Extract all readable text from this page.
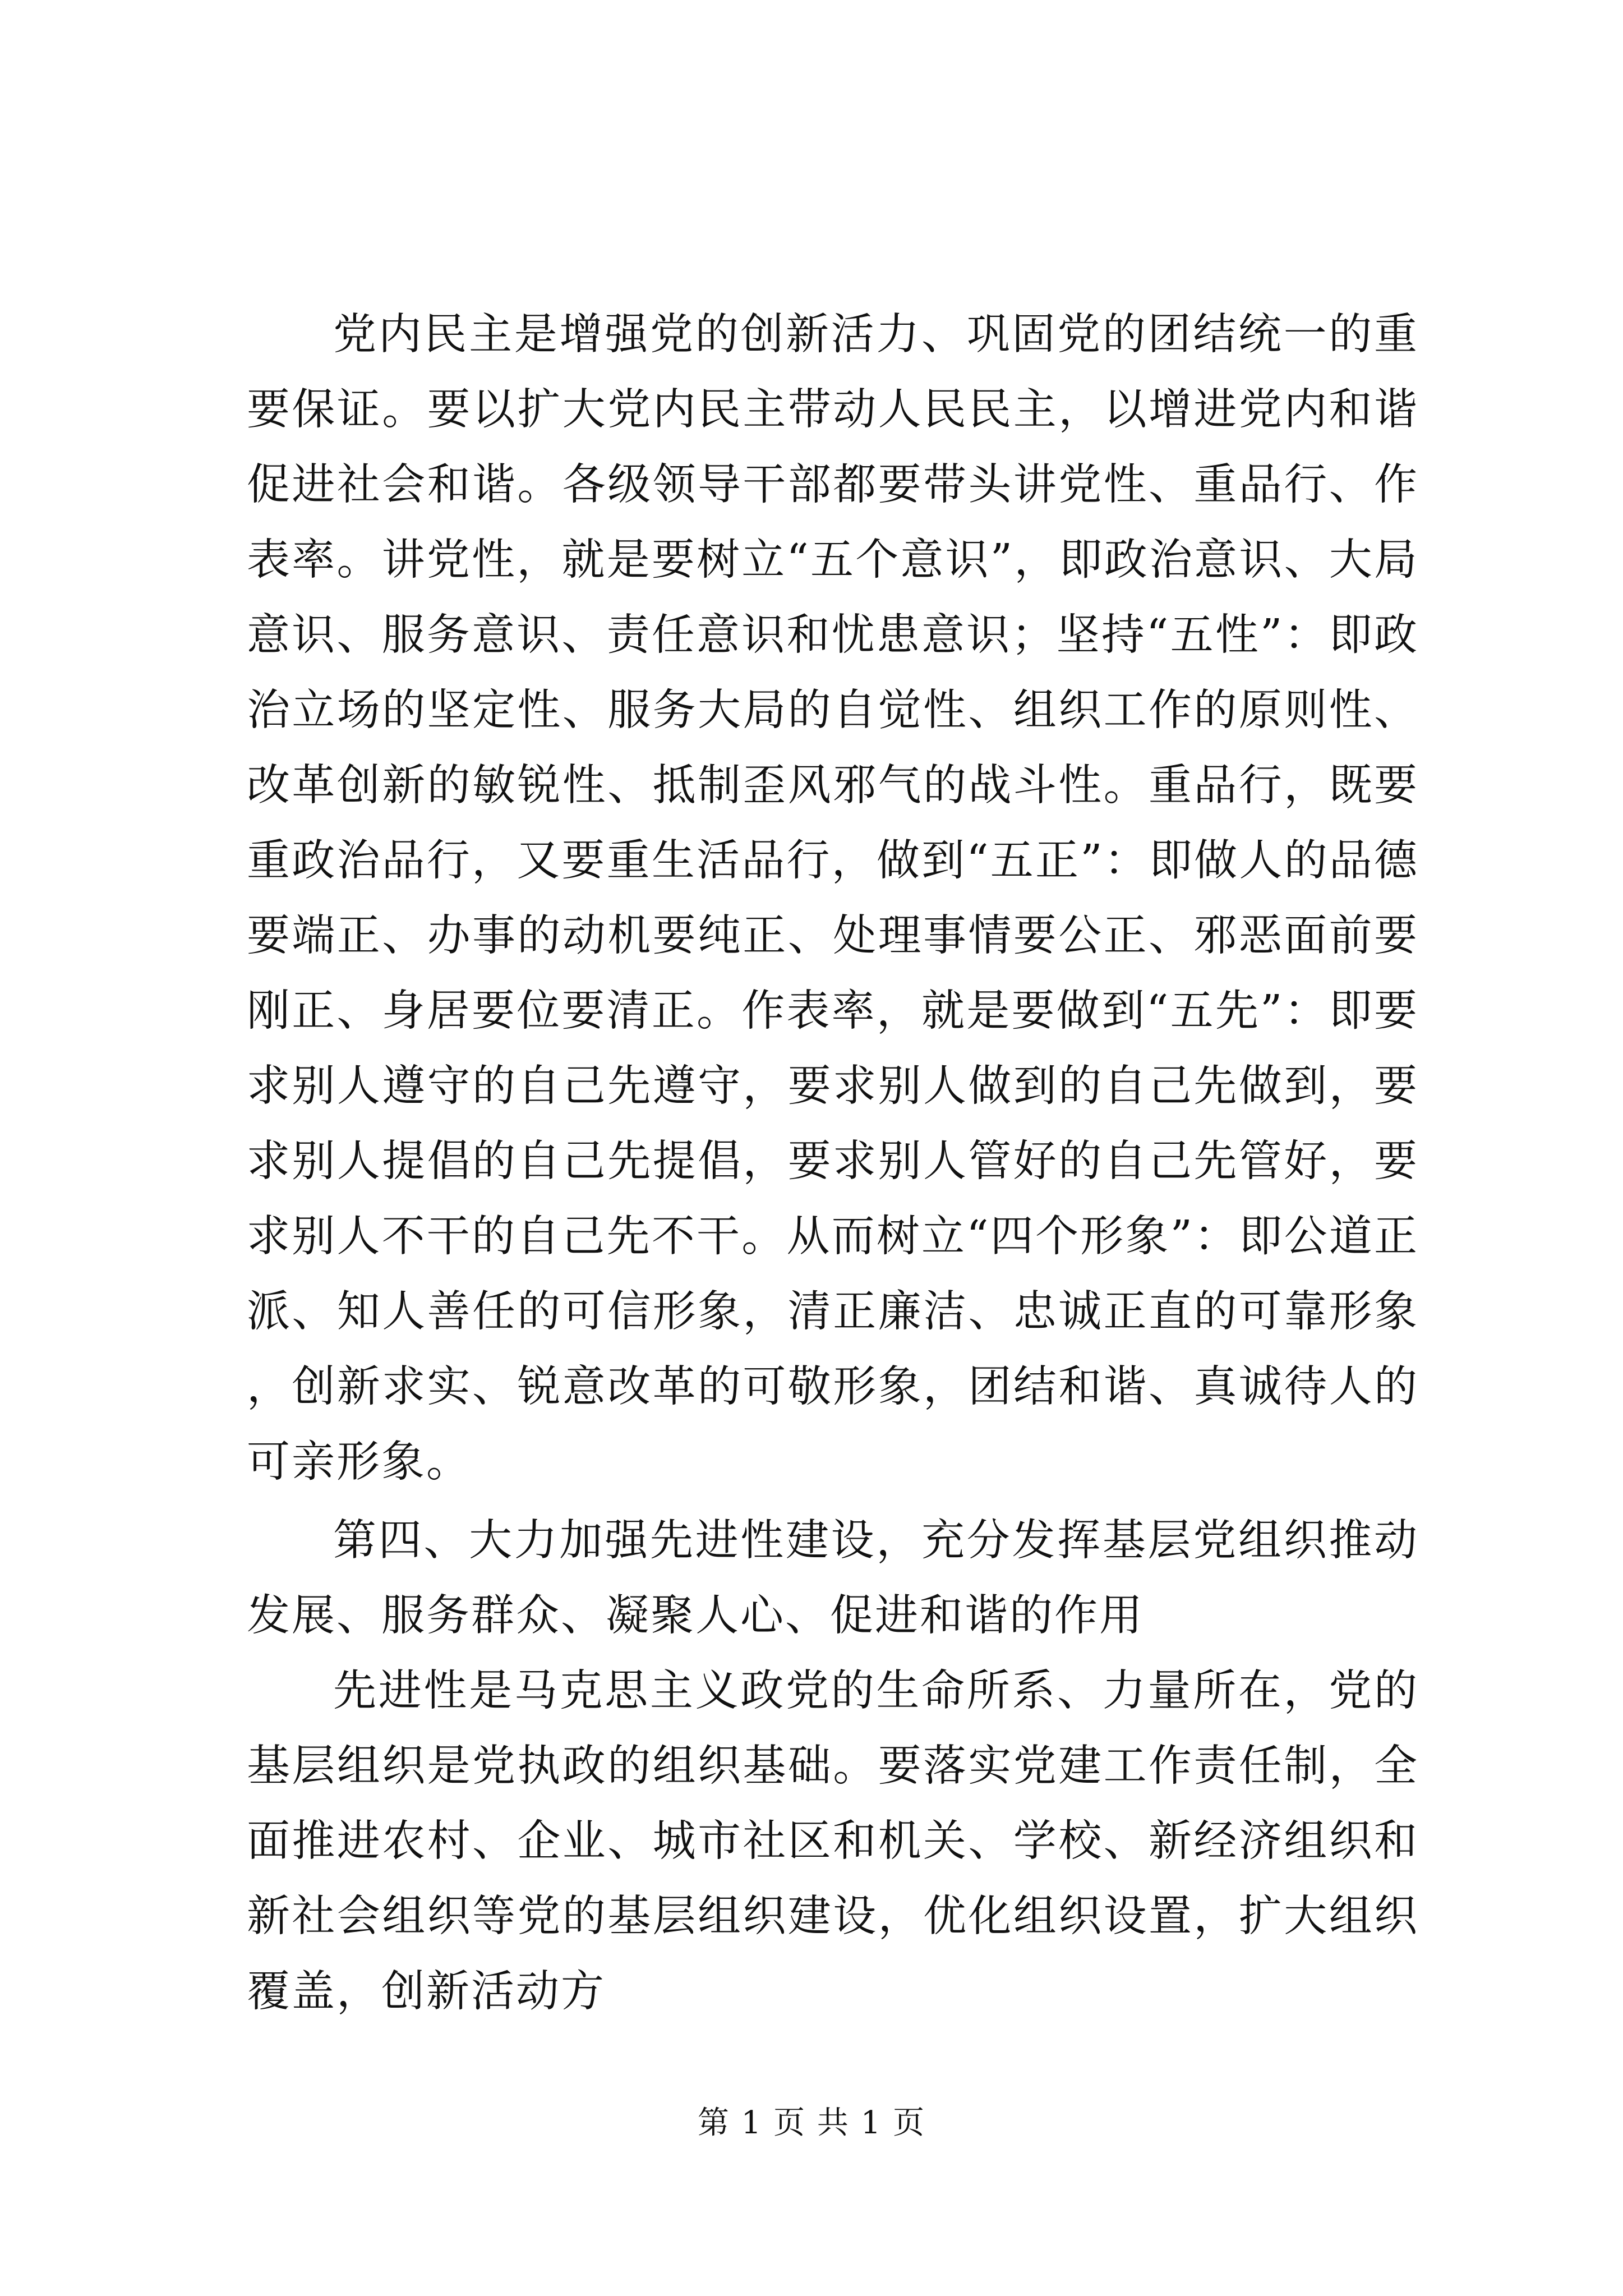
党内民主是增强党的创新活力、巩固党的团结统一的重要保证。要以扩大党内民主带动人民民主，以增进党内和谐促进社会和谐。各级领导干部都要带头讲党性、重品行、作表率。讲党性，就是要树立“五个意识”，即政治意识、大局意识、服务意识、责任意识和忧患意识；坚持“五性”：即政治立场的坚定性、服务大局的自觉性、组织工作的原则性、改革创新的敏锐性、抵制歪风邪气的战斗性。重品行，既要重政治品行，又要重生活品行，做到“五正”：即做人的品德要端正、办事的动机要纯正、处理事情要公正、邪恶面前要刚正、身居要位要清正。作表率，就是要做到“五先”：即要求别人遵守的自己先遵守，要求别人做到的自己先做到，要求别人提倡的自己先提倡，要求别人管好的自己先管好，要求别人不干的自己先不干。从而树立“四个形象”：即公道正派、知人善任的可信形象，清正廉洁、忠诚正直的可靠形象，创新求实、锐意改革的可敬形象，团结和谐、真诚待人的可亲形象。

第四、大力加强先进性建设，充分发挥基层党组织推动发展、服务群众、凝聚人心、促进和谐的作用

先进性是马克思主义政党的生命所系、力量所在，党的基层组织是党执政的组织基础。要落实党建工作责任制，全面推进农村、企业、城市社区和机关、学校、新经济组织和新社会组织等党的基层组织建设，优化组织设置，扩大组织覆盖，创新活动方

第 1 页 共 1 页
